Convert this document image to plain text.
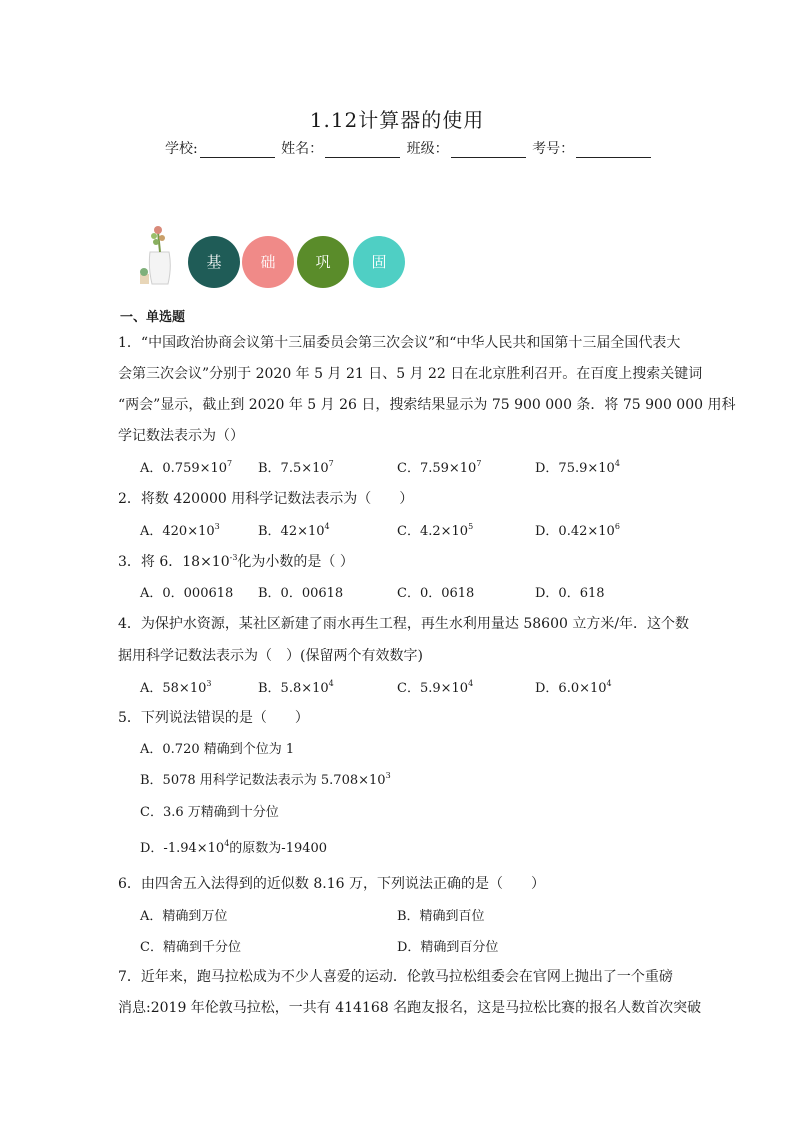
1.12计算器的使用
学校:	姓名：	班级：	考号：
基	础	巩	固
一、单选题
1．“中国政治协商会议第十三届委员会第三次会议”和“中华人民共和国第十三届全国代表大
会第三次会议”分别于 2020 年 5 月 21 日、5 月 22 日在北京胜利召开。在百度上搜索关键词
“两会”显示，截止到 2020 年 5 月 26 日，搜索结果显示为 75 900 000 条．将 75 900 000 用科
学记数法表示为（）
A．$0.759\times 10^7$ B．$7.5\times 10^7$	C．$7.59\times 10^7$	D．$75.9\times 10^4$
2．将数 420000 用科学记数法表示为（　　）
A．$420\times 10^3$	B．$42\times 10^4$	C．$4.2\times 10^5$	D．$0.42\times 10^6$
3．将 6．$18\times 10^{-3}$化为小数的是（ ）
A．0．000618 B．0．00618	C．0．0618	D．0．618
4．为保护水资源，某社区新建了雨水再生工程，再生水利用量达 58600 立方米/年．这个数
据用科学记数法表示为（　）(保留两个有效数字)
A．$58\times 10^3$	B．$5.8\times 10^4$	C．$5.9\times 10^4$	D．$6.0\times 10^4$
5．下列说法错误的是（　　）
A．0.720 精确到个位为 1
B．5078 用科学记数法表示为 $5.708\times 10^3$
C．3.6 万精确到十分位
D．$-1.94\times 10^4$的原数为-19400
6．由四舍五入法得到的近似数 8.16 万，下列说法正确的是（　　）
A．精确到万位	B．精确到百位
C．精确到千分位	D．精确到百分位
7．近年来，跑马拉松成为不少人喜爱的运动．伦敦马拉松组委会在官网上抛出了一个重磅
消息:2019 年伦敦马拉松，一共有 414168 名跑友报名，这是马拉松比赛的报名人数首次突破
